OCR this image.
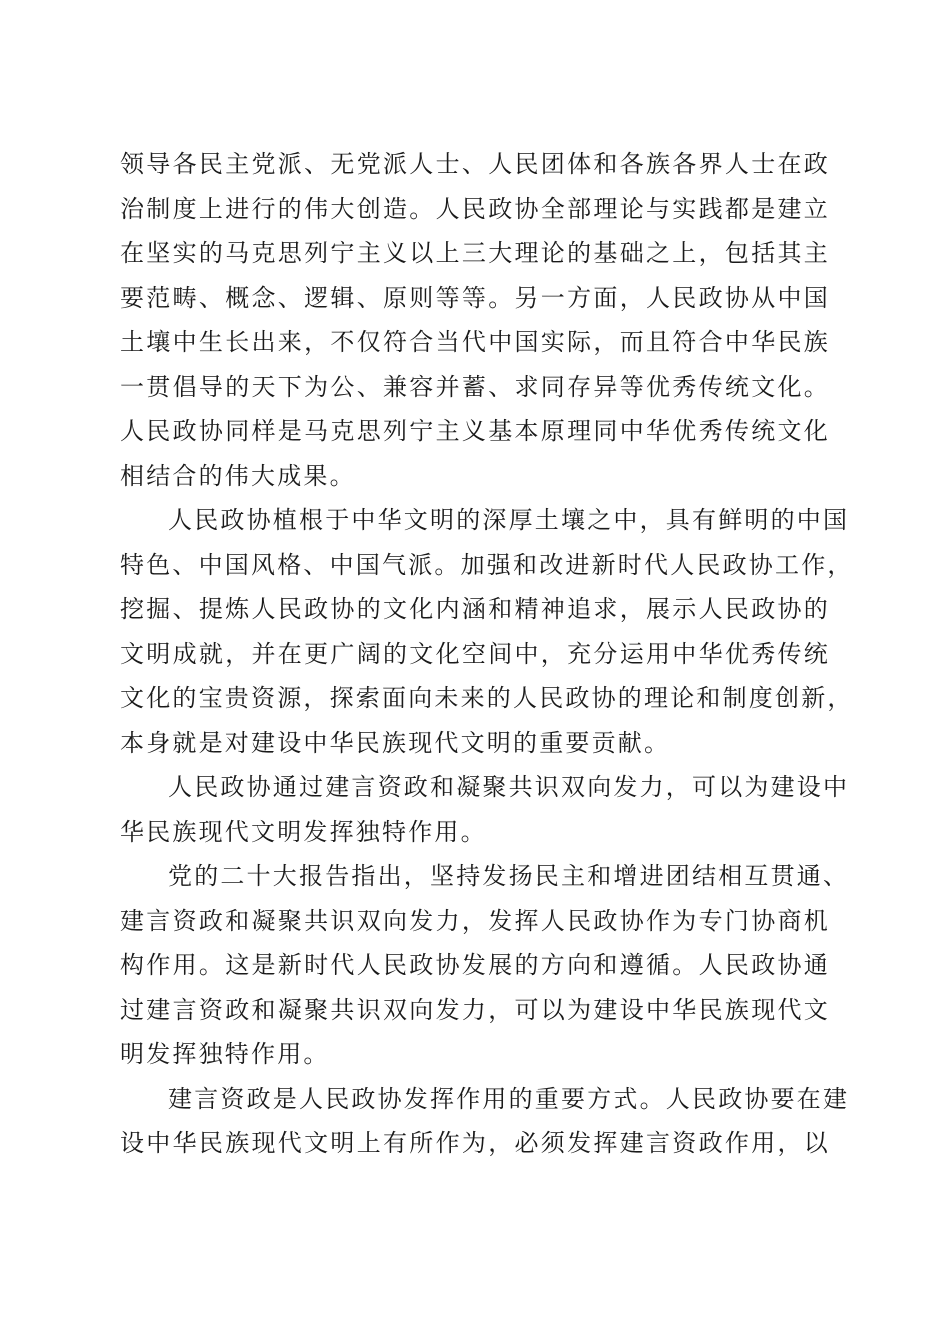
领导各民主党派、无党派人士、人民团体和各族各界人士在政
治制度上进行的伟大创造。人民政协全部理论与实践都是建立
在坚实的马克思列宁主义以上三大理论的基础之上，包括其主
要范畴、概念、逻辑、原则等等。另一方面，人民政协从中国
土壤中生长出来，不仅符合当代中国实际，而且符合中华民族
一贯倡导的天下为公、兼容并蓄、求同存异等优秀传统文化。
人民政协同样是马克思列宁主义基本原理同中华优秀传统文化
相结合的伟大成果。

人民政协植根于中华文明的深厚土壤之中，具有鲜明的中国
特色、中国风格、中国气派。加强和改进新时代人民政协工作，
挖掘、提炼人民政协的文化内涵和精神追求，展示人民政协的
文明成就，并在更广阔的文化空间中，充分运用中华优秀传统
文化的宝贵资源，探索面向未来的人民政协的理论和制度创新，
本身就是对建设中华民族现代文明的重要贡献。

人民政协通过建言资政和凝聚共识双向发力，可以为建设中
华民族现代文明发挥独特作用。

党的二十大报告指出，坚持发扬民主和增进团结相互贯通、
建言资政和凝聚共识双向发力，发挥人民政协作为专门协商机
构作用。这是新时代人民政协发展的方向和遵循。人民政协通
过建言资政和凝聚共识双向发力，可以为建设中华民族现代文
明发挥独特作用。

建言资政是人民政协发挥作用的重要方式。人民政协要在建
设中华民族现代文明上有所作为，必须发挥建言资政作用，以
